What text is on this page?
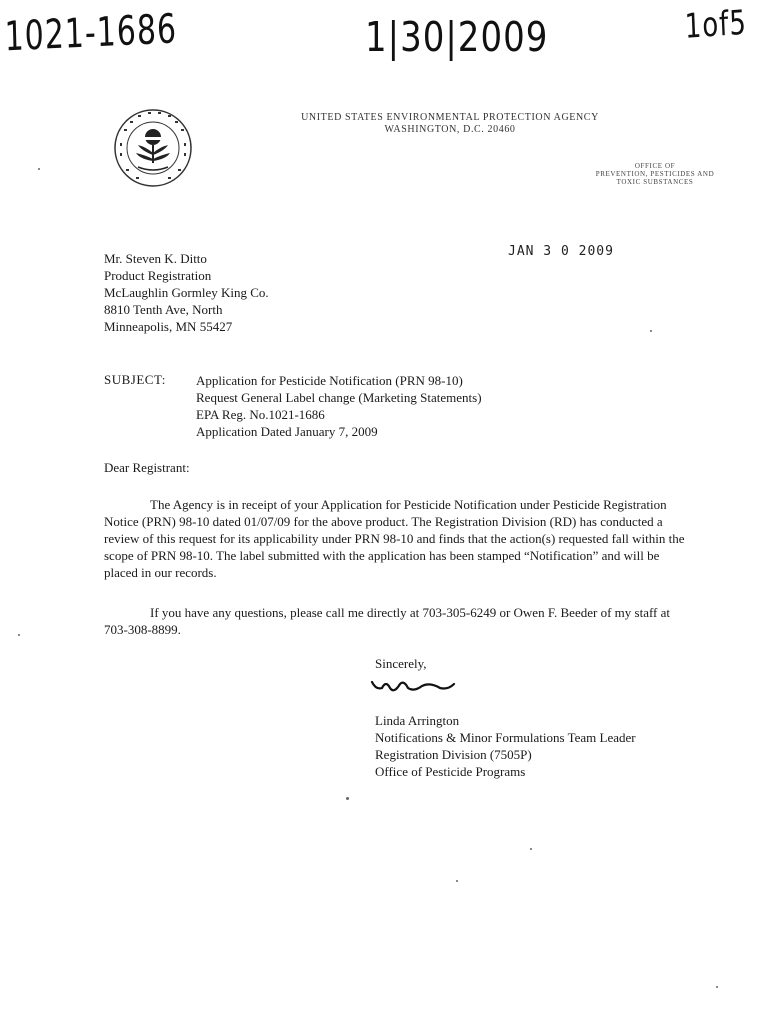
1021-1686	1|30|2009	1of5
UNITED STATES ENVIRONMENTAL PROTECTION AGENCY
WASHINGTON, D.C. 20460
OFFICE OF
PREVENTION, PESTICIDES AND
TOXIC SUBSTANCES
JAN 3 0 2009
Mr. Steven K. Ditto
Product Registration
McLaughlin Gormley King Co.
8810 Tenth Ave, North
Minneapolis, MN 55427
SUBJECT: Application for Pesticide Notification (PRN 98-10)
Request General Label change (Marketing Statements)
EPA Reg. No.1021-1686
Application Dated January 7, 2009
Dear Registrant:
The Agency is in receipt of your Application for Pesticide Notification under Pesticide Registration Notice (PRN) 98-10 dated 01/07/09 for the above product. The Registration Division (RD) has conducted a review of this request for its applicability under PRN 98-10 and finds that the action(s) requested fall within the scope of PRN 98-10. The label submitted with the application has been stamped “Notification” and will be placed in our records.
If you have any questions, please call me directly at 703-305-6249 or Owen F. Beeder of my staff at 703-308-8899.
Sincerely,
Linda Arrington
Notifications & Minor Formulations Team Leader
Registration Division (7505P)
Office of Pesticide Programs
